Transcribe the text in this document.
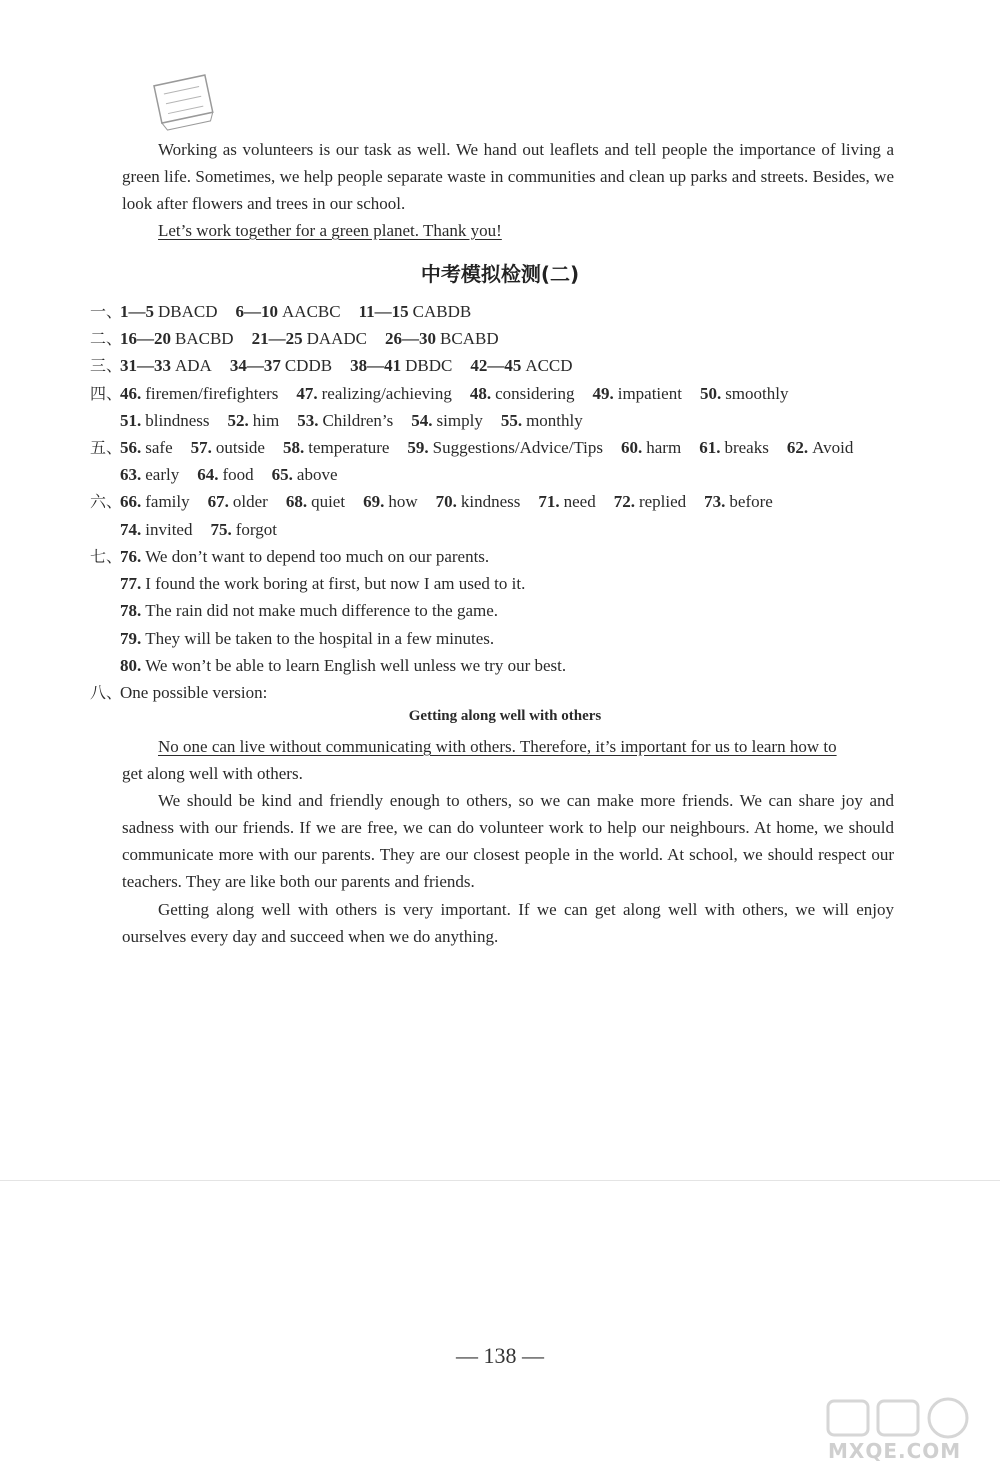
Working as volunteers is our task as well. We hand out leaflets and tell people the importance of living a green life. Sometimes, we help people separate waste in communities and clean up parks and streets. Besides, we look after flowers and trees in our school.

Let’s work together for a green planet. Thank you!

中考模拟检测(二)
一、1—5 DBACD 6—10 AACBC 11—15 CABDB
二、16—20 BACBD 21—25 DAADC 26—30 BCABD
三、31—33 ADA 34—37 CDDB 38—41 DBDC 42—45 ACCD
四、46. firemen/firefighters 47. realizing/achieving 48. considering 49. impatient 50. smoothly
51. blindness 52. him 53. Children’s 54. simply 55. monthly
五、56. safe 57. outside 58. temperature 59. Suggestions/Advice/Tips 60. harm 61. breaks 62. Avoid
63. early 64. food 65. above
六、66. family 67. older 68. quiet 69. how 70. kindness 71. need 72. replied 73. before
74. invited 75. forgot
七、76. We don’t want to depend too much on our parents.
77. I found the work boring at first, but now I am used to it.
78. The rain did not make much difference to the game.
79. They will be taken to the hospital in a few minutes.
80. We won’t be able to learn English well unless we try our best.
八、One possible version:
Getting along well with others

No one can live without communicating with others. Therefore, it’s important for us to learn how to
get along well with others.

We should be kind and friendly enough to others, so we can make more friends. We can share joy and sadness with our friends. If we are free, we can do volunteer work to help our neighbours. At home, we should communicate more with our parents. They are our closest people in the world. At school, we should respect our teachers. They are like both our parents and friends.

Getting along well with others is very important. If we can get along well with others, we will enjoy ourselves every day and succeed when we do anything.

— 138 —
MXQE.COM
